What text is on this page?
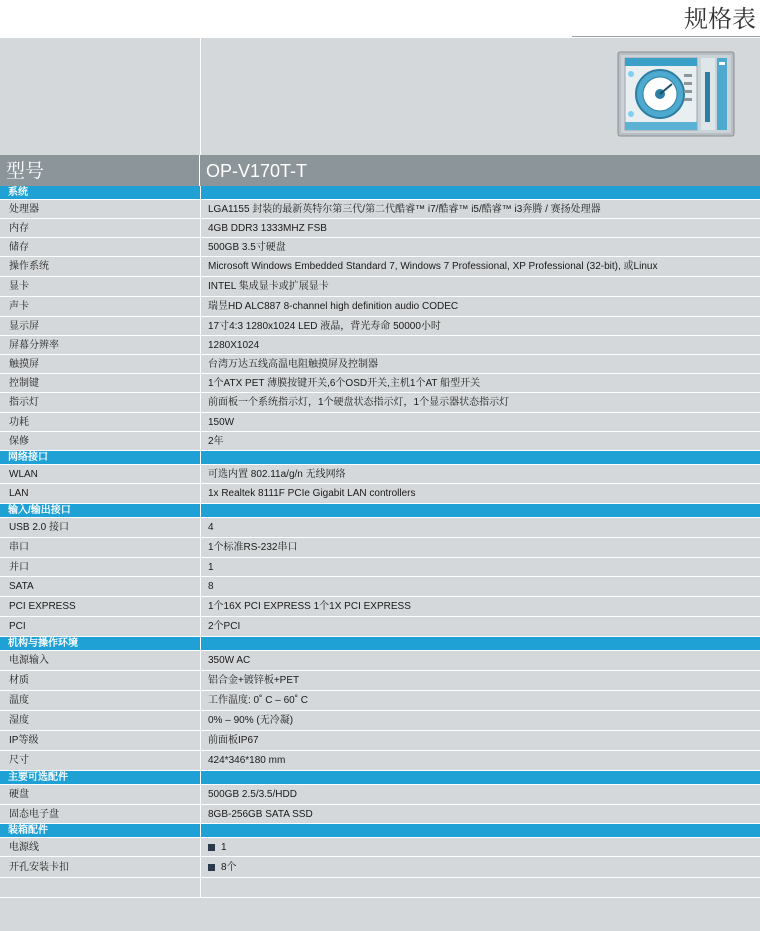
规格表
型号	OP-V170T-T
系统
处理器	LGA1155 封装的最新英特尔第三代/第二代酷睿™ i7/酷睿™ i5/酷睿™ i3奔腾 / 赛扬处理器
内存	4GB DDR3 1333MHZ FSB
储存	500GB 3.5寸硬盘
操作系统	Microsoft Windows Embedded Standard 7, Windows 7 Professional, XP Professional (32-bit), 或Linux
显卡	INTEL 集成显卡或扩展显卡
声卡	瑞昱HD ALC887 8-channel high definition audio CODEC
显示屏	17寸4:3 1280x1024 LED 液晶，背光寿命 50000小时
屏幕分辨率	1280X1024
触摸屏	台湾万达五线高温电阻触摸屏及控制器
控制键	1个ATX PET 薄膜按键开关,6个OSD开关,主机1个AT 船型开关
指示灯	前面板一个系统指示灯，1个硬盘状态指示灯，1个显示器状态指示灯
功耗	150W
保修	2年
网络接口
WLAN	可选内置 802.11a/g/n 无线网络
LAN	1x Realtek 8111F PCIe Gigabit LAN controllers
输入/输出接口
USB 2.0 接口	4
串口	1个标准RS-232串口
并口	1
SATA	8
PCI EXPRESS	1个16X PCI EXPRESS 1个1X PCI EXPRESS
PCI	2个PCI
机构与操作环境
电源输入	350W AC
材质	铝合金+镀锌板+PET
温度	工作温度: 0˚ C – 60˚ C
湿度	0% – 90% (无冷凝)
IP等级	前面板IP67
尺寸	424*346*180 mm
主要可选配件
硬盘	500GB 2.5/3.5/HDD
固态电子盘	8GB-256GB SATA SSD
装箱配件
电源线	1
开孔安装卡扣	8个
